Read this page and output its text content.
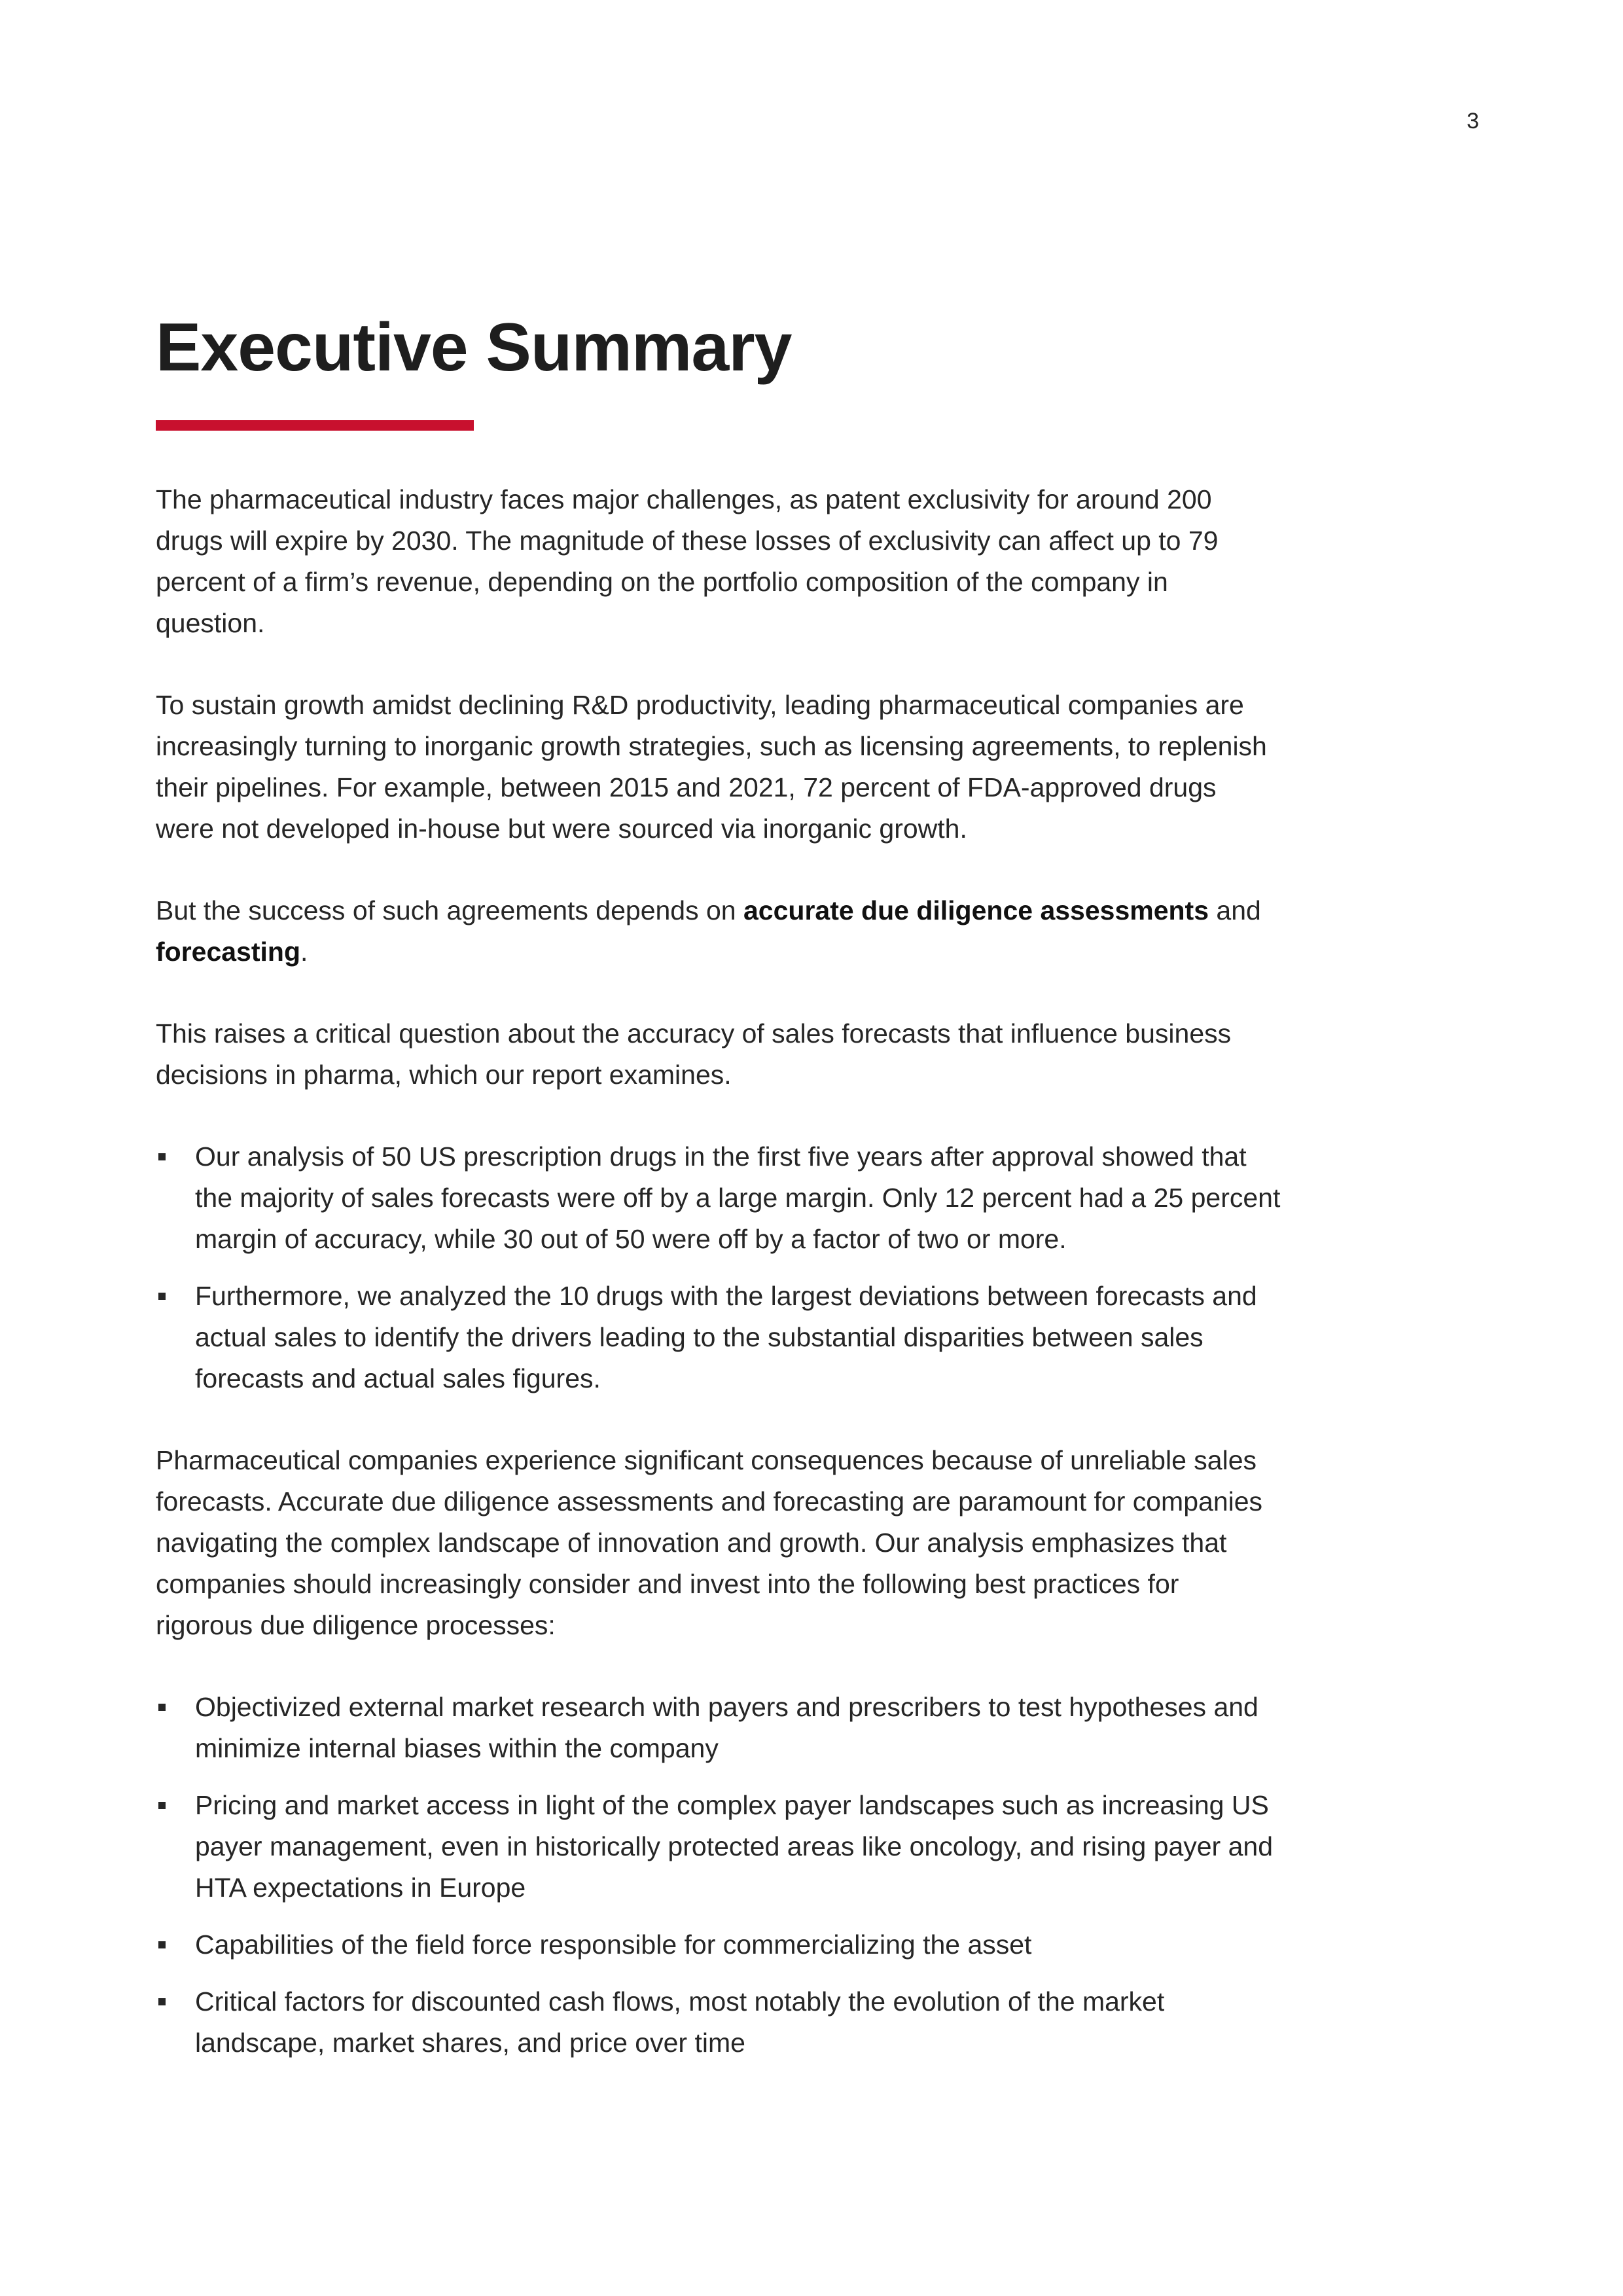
3
Executive Summary

The pharmaceutical industry faces major challenges, as patent exclusivity for around 200 drugs will expire by 2030. The magnitude of these losses of exclusivity can affect up to 79 percent of a firm’s revenue, depending on the portfolio composition of the company in question.

To sustain growth amidst declining R&D productivity, leading pharmaceutical companies are increasingly turning to inorganic growth strategies, such as licensing agreements, to replenish their pipelines. For example, between 2015 and 2021, 72 percent of FDA-approved drugs were not developed in-house but were sourced via inorganic growth.

But the success of such agreements depends on accurate due diligence assessments and forecasting.

This raises a critical question about the accuracy of sales forecasts that influence business decisions in pharma, which our report examines.

Our analysis of 50 US prescription drugs in the first five years after approval showed that the majority of sales forecasts were off by a large margin. Only 12 percent had a 25 percent margin of accuracy, while 30 out of 50 were off by a factor of two or more.
Furthermore, we analyzed the 10 drugs with the largest deviations between forecasts and actual sales to identify the drivers leading to the substantial disparities between sales forecasts and actual sales figures.

Pharmaceutical companies experience significant consequences because of unreliable sales forecasts. Accurate due diligence assessments and forecasting are paramount for companies navigating the complex landscape of innovation and growth. Our analysis emphasizes that companies should increasingly consider and invest into the following best practices for rigorous due diligence processes:

Objectivized external market research with payers and prescribers to test hypotheses and minimize internal biases within the company
Pricing and market access in light of the complex payer landscapes such as increasing US payer management, even in historically protected areas like oncology, and rising payer and HTA expectations in Europe
Capabilities of the field force responsible for commercializing the asset
Critical factors for discounted cash flows, most notably the evolution of the market landscape, market shares, and price over time
